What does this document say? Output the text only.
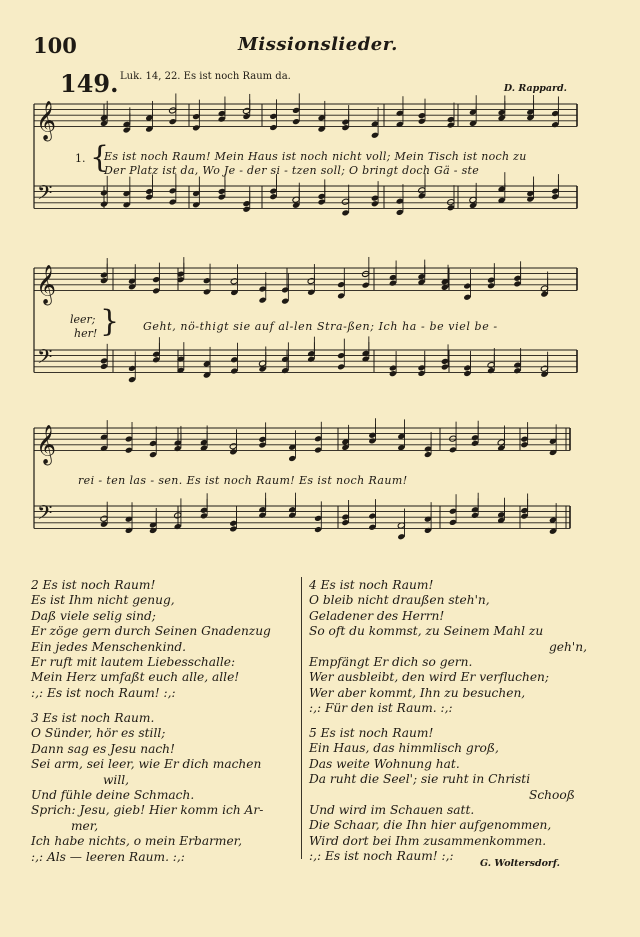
100	Missionslieder.
149. Luk. 14, 22. Es ist noch Raum da.
D. Rappard.
𝄞
𝄢
𝄞
𝄢
𝄞
𝄢
1. {
Es ist noch Raum! Mein Haus ist noch nicht voll; Mein Tisch ist noch zu
Der Platz ist da, Wo Je - der si - tzen soll; O bringt doch Gä - ste
leer;
her! } Geht, nö-thigt sie auf al-len Stra-ßen; Ich ha - be viel be -
rei - ten las - sen. Es ist noch Raum! Es ist noch Raum!
2 Es ist noch Raum!
Es ist Ihm nicht genug,
Daß viele selig sind;
Er zöge gern durch Seinen Gnadenzug
Ein jedes Menschenkind.
Er ruft mit lautem Liebesschalle:
Mein Herz umfaßt euch alle, alle!
:,: Es ist noch Raum! :,:
3 Es ist noch Raum.
O Sünder, hör es still;
Dann sag es Jesu nach!
Sei arm, sei leer, wie Er dich machen
will,
Und fühle deine Schmach.
Sprich: Jesu, gieb! Hier komm ich Ar-
mer,
Ich habe nichts, o mein Erbarmer,
:,: Als — leeren Raum. :,:
4 Es ist noch Raum!
O bleib nicht draußen steh'n,
Geladener des Herrn!
So oft du kommst, zu Seinem Mahl zu
geh'n,
Empfängt Er dich so gern.
Wer ausbleibt, den wird Er verfluchen;
Wer aber kommt, Ihn zu besuchen,
:,: Für den ist Raum. :,:
5 Es ist noch Raum!
Ein Haus, das himmlisch groß,
Das weite Wohnung hat.
Da ruht die Seel'; sie ruht in Christi
Schooß
Und wird im Schauen satt.
Die Schaar, die Ihn hier aufgenommen,
Wird dort bei Ihm zusammenkommen.
:,: Es ist noch Raum! :,:
G. Woltersdorf.
